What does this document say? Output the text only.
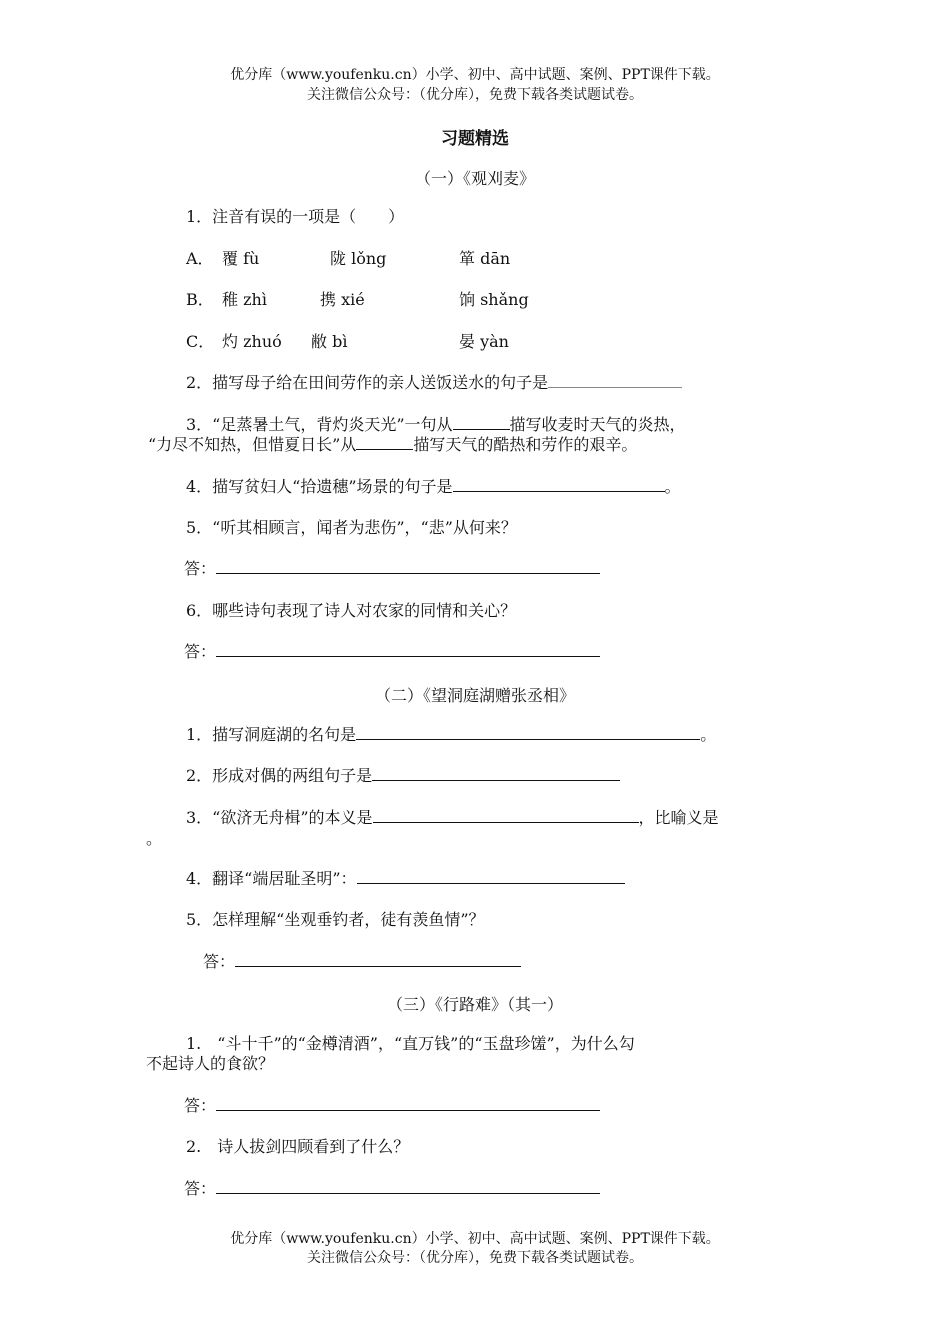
优分库（www.youfenku.cn）小学、初中、高中试题、案例、PPT课件下载。
关注微信公众号：（优分库），免费下载各类试题试卷。
习题精选
（一）《观刈麦》
1．注音有误的一项是（　　）
A． 覆 fù	陇 lǒng	箪 dān
B． 稚 zhì	携 xié	饷 shǎng
C． 灼 zhuó 敝 bì	晏 yàn
2．描写母子给在田间劳作的亲人送饭送水的句子是
3．“足蒸暑土气，背灼炎天光”一句从	描写收麦时天气的炎热，
“力尽不知热，但惜夏日长”从	描写天气的酷热和劳作的艰辛。
4．描写贫妇人“拾遗穗”场景的句子是	。
5．“听其相顾言，闻者为悲伤”，“悲”从何来？
答：
6．哪些诗句表现了诗人对农家的同情和关心？
答：
（二）《望洞庭湖赠张丞相》
1．描写洞庭湖的名句是	。
2．形成对偶的两组句子是
3．“欲济无舟楫”的本义是	，比喻义是
。
4．翻译“端居耻圣明”：
5．怎样理解“坐观垂钓者，徒有羡鱼情”？
答：
（三）《行路难》（其一）
1.　“斗十千”的“金樽清酒”，“直万钱”的“玉盘珍馐”，为什么勾
不起诗人的食欲？
答：
2.　诗人拔剑四顾看到了什么？
答：
优分库（www.youfenku.cn）小学、初中、高中试题、案例、PPT课件下载。
关注微信公众号：（优分库），免费下载各类试题试卷。
